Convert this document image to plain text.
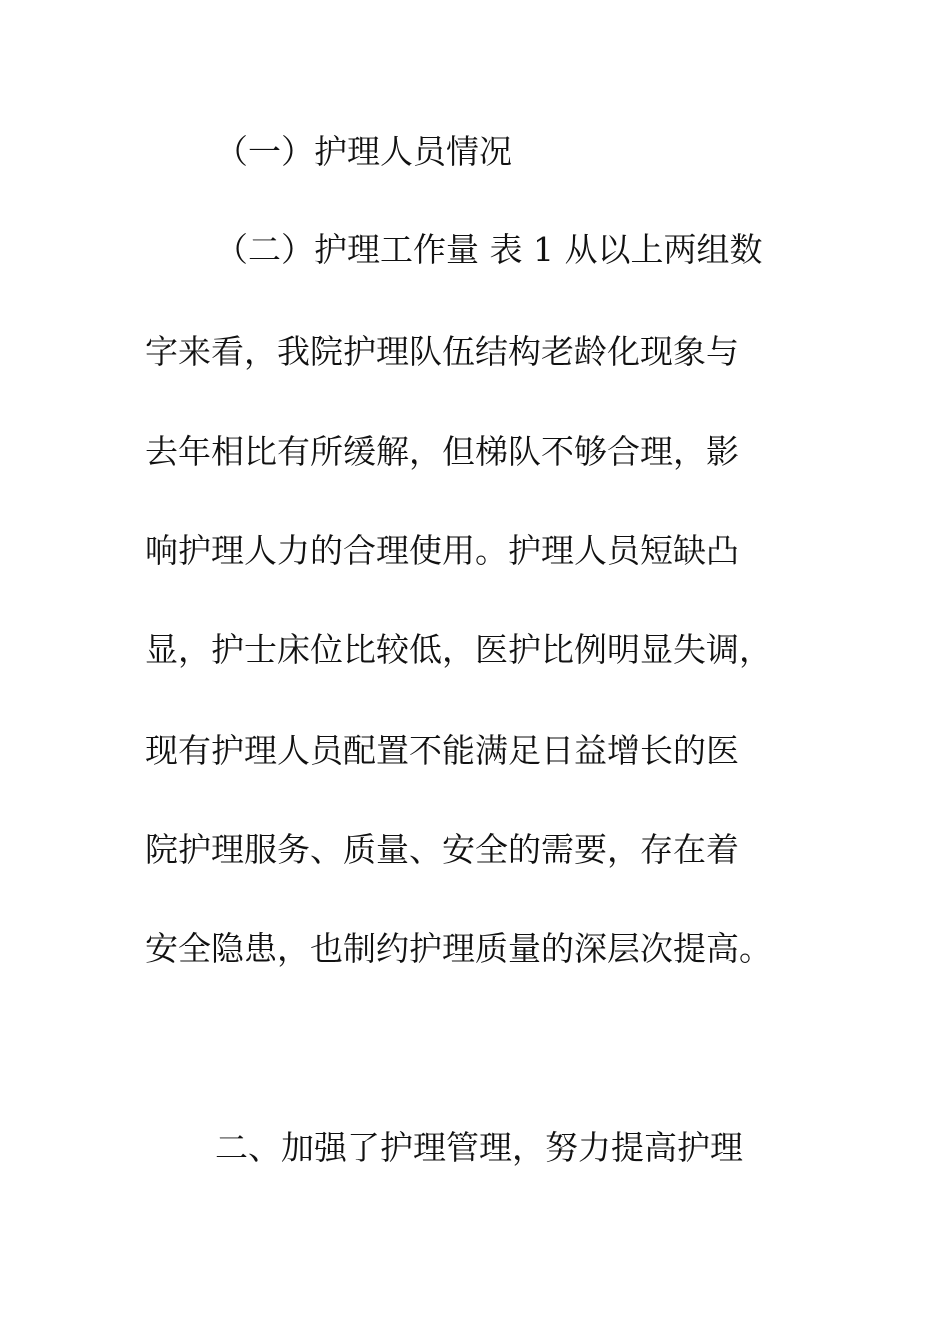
（一）护理人员情况
（二）护理工作量 表 1 从以上两组数
字来看，我院护理队伍结构老龄化现象与
去年相比有所缓解，但梯队不够合理，影
响护理人力的合理使用。护理人员短缺凸
显，护士床位比较低，医护比例明显失调，
现有护理人员配置不能满足日益增长的医
院护理服务、质量、安全的需要，存在着
安全隐患，也制约护理质量的深层次提高。
二、加强了护理管理，努力提高护理
